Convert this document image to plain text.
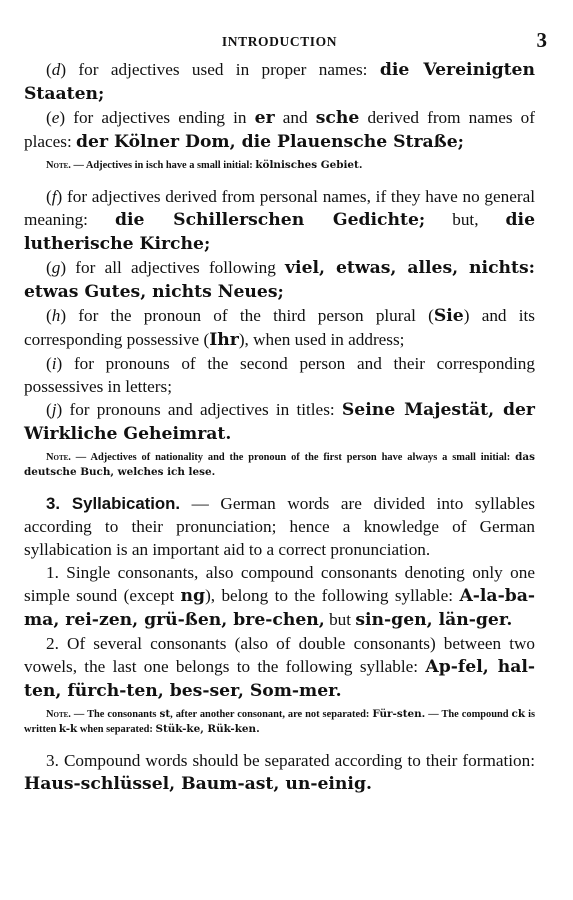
INTRODUCTION	3

(d) for adjectives used in proper names: die Vereinigten Staaten;

(e) for adjectives ending in er and sche derived from names of places: der Kölner Dom, die Plauensche Straße;

Note. — Adjectives in isch have a small initial: kölnisches Gebiet.

(f) for adjectives derived from personal names, if they have no general meaning: die Schillerschen Gedichte; but, die lutherische Kirche;

(g) for all adjectives following viel, etwas, alles, nichts: etwas Gutes, nichts Neues;

(h) for the pronoun of the third person plural (Sie) and its corresponding possessive (Ihr), when used in address;

(i) for pronouns of the second person and their corresponding possessives in letters;

(j) for pronouns and adjectives in titles: Seine Majestät, der Wirkliche Geheimrat.

Note. — Adjectives of nationality and the pronoun of the first person have always a small initial: das deutsche Buch, welches ich lese.

3. Syllabication. — German words are divided into syllables according to their pronunciation; hence a knowledge of German syllabication is an important aid to a correct pronunciation.

1. Single consonants, also compound consonants denoting only one simple sound (except ng), belong to the following syllable: A-la-ba-ma, rei-zen, grü-ßen, bre-chen, but sin-gen, län-ger.

2. Of several consonants (also of double consonants) between two vowels, the last one belongs to the following syllable: Ap-fel, hal-ten, fürch-ten, bes-ser, Som-mer.

Note. — The consonants st, after another consonant, are not separated: Für-sten. — The compound ck is written k-k when separated: Stük-ke, Rük-ken.

3. Compound words should be separated according to their formation: Haus-schlüssel, Baum-ast, un-einig.
